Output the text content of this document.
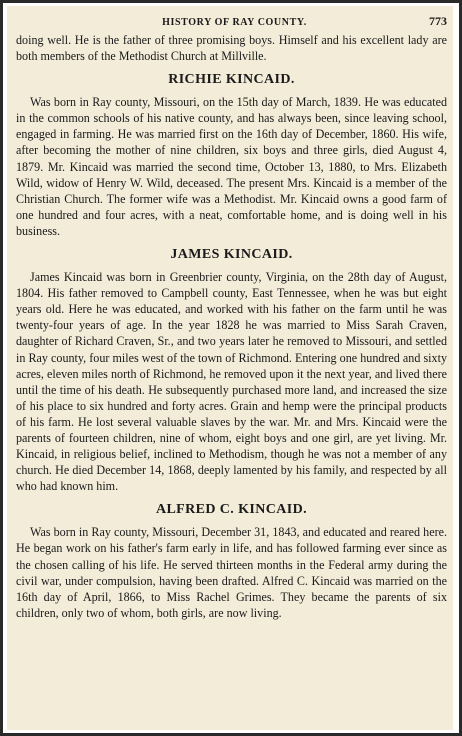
HISTORY OF RAY COUNTY.	773

doing well. He is the father of three promising boys. Himself and his excellent lady are both members of the Methodist Church at Millville.

RICHIE KINCAID.

Was born in Ray county, Missouri, on the 15th day of March, 1839. He was educated in the common schools of his native county, and has always been, since leaving school, engaged in farming. He was married first on the 16th day of December, 1860. His wife, after becoming the mother of nine children, six boys and three girls, died August 4, 1879. Mr. Kincaid was married the second time, October 13, 1880, to Mrs. Elizabeth Wild, widow of Henry W. Wild, deceased. The present Mrs. Kincaid is a member of the Christian Church. The former wife was a Methodist. Mr. Kincaid owns a good farm of one hundred and four acres, with a neat, comfortable home, and is doing well in his business.

JAMES KINCAID.

James Kincaid was born in Greenbrier county, Virginia, on the 28th day of August, 1804. His father removed to Campbell county, East Tennessee, when he was but eight years old. Here he was educated, and worked with his father on the farm until he was twenty-four years of age. In the year 1828 he was married to Miss Sarah Craven, daughter of Richard Craven, Sr., and two years later he removed to Missouri, and settled in Ray county, four miles west of the town of Richmond. Entering one hundred and sixty acres, eleven miles north of Richmond, he removed upon it the next year, and lived there until the time of his death. He subsequently purchased more land, and increased the size of his place to six hundred and forty acres. Grain and hemp were the principal products of his farm. He lost several valuable slaves by the war. Mr. and Mrs. Kincaid were the parents of fourteen children, nine of whom, eight boys and one girl, are yet living. Mr. Kincaid, in religious belief, inclined to Methodism, though he was not a member of any church. He died December 14, 1868, deeply lamented by his family, and respected by all who had known him.

ALFRED C. KINCAID.

Was born in Ray county, Missouri, December 31, 1843, and educated and reared here. He began work on his father's farm early in life, and has followed farming ever since as the chosen calling of his life. He served thirteen months in the Federal army during the civil war, under compulsion, having been drafted. Alfred C. Kincaid was married on the 16th day of April, 1866, to Miss Rachel Grimes. They became the parents of six children, only two of whom, both girls, are now living.
